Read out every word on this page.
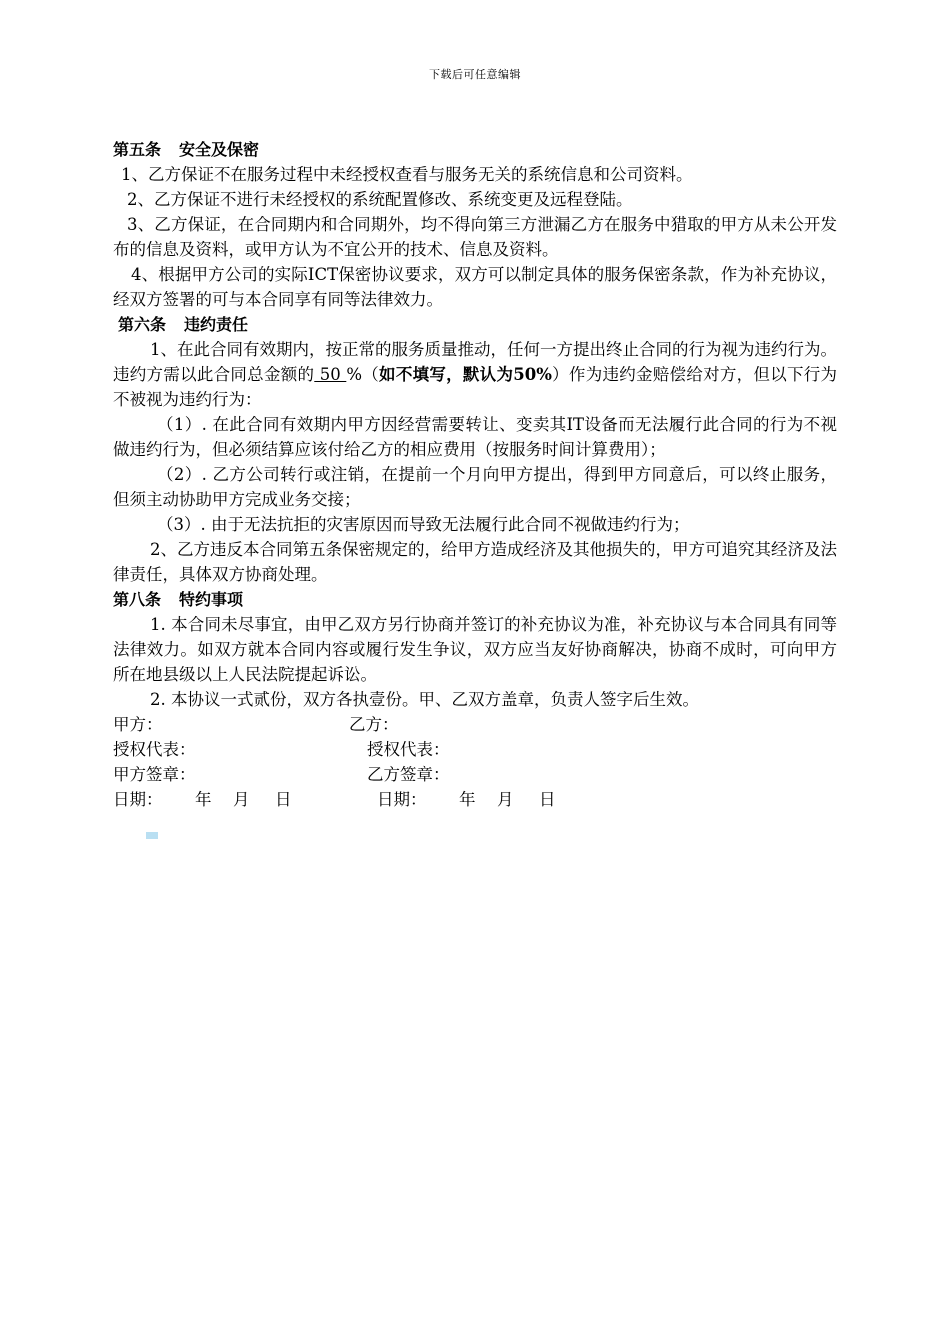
下载后可任意编辑

第五条 安全及保密

1、乙方保证不在服务过程中未经授权查看与服务无关的系统信息和公司资料。

2、乙方保证不进行未经授权的系统配置修改、系统变更及远程登陆。

3、乙方保证，在合同期内和合同期外，均不得向第三方泄漏乙方在服务中猎取的甲方从未公开发布的信息及资料，或甲方认为不宜公开的技术、信息及资料。

4、根据甲方公司的实际ICT保密协议要求，双方可以制定具体的服务保密条款，作为补充协议，经双方签署的可与本合同享有同等法律效力。

第六条 违约责任

1、在此合同有效期内，按正常的服务质量推动，任何一方提出终止合同的行为视为违约行为。违约方需以此合同总金额的 50 %（如不填写，默认为50%）作为违约金赔偿给对方，但以下行为不被视为违约行为：

（1）. 在此合同有效期内甲方因经营需要转让、变卖其IT设备而无法履行此合同的行为不视做违约行为，但必须结算应该付给乙方的相应费用（按服务时间计算费用）；

（2）. 乙方公司转行或注销，在提前一个月向甲方提出，得到甲方同意后，可以终止服务，但须主动协助甲方完成业务交接；

（3）. 由于无法抗拒的灾害原因而导致无法履行此合同不视做违约行为；

2、乙方违反本合同第五条保密规定的，给甲方造成经济及其他损失的，甲方可追究其经济及法律责任，具体双方协商处理。

第八条 特约事项

1. 本合同未尽事宜，由甲乙双方另行协商并签订的补充协议为准，补充协议与本合同具有同等法律效力。如双方就本合同内容或履行发生争议，双方应当友好协商解决，协商不成时，可向甲方所在地县级以上人民法院提起诉讼。

2. 本协议一式贰份，双方各执壹份。甲、乙双方盖章，负责人签字后生效。

甲方：	乙方：
授权代表：	授权代表：
甲方签章：	乙方签章：
日期：	年	月	日	日期：	年	月	日
